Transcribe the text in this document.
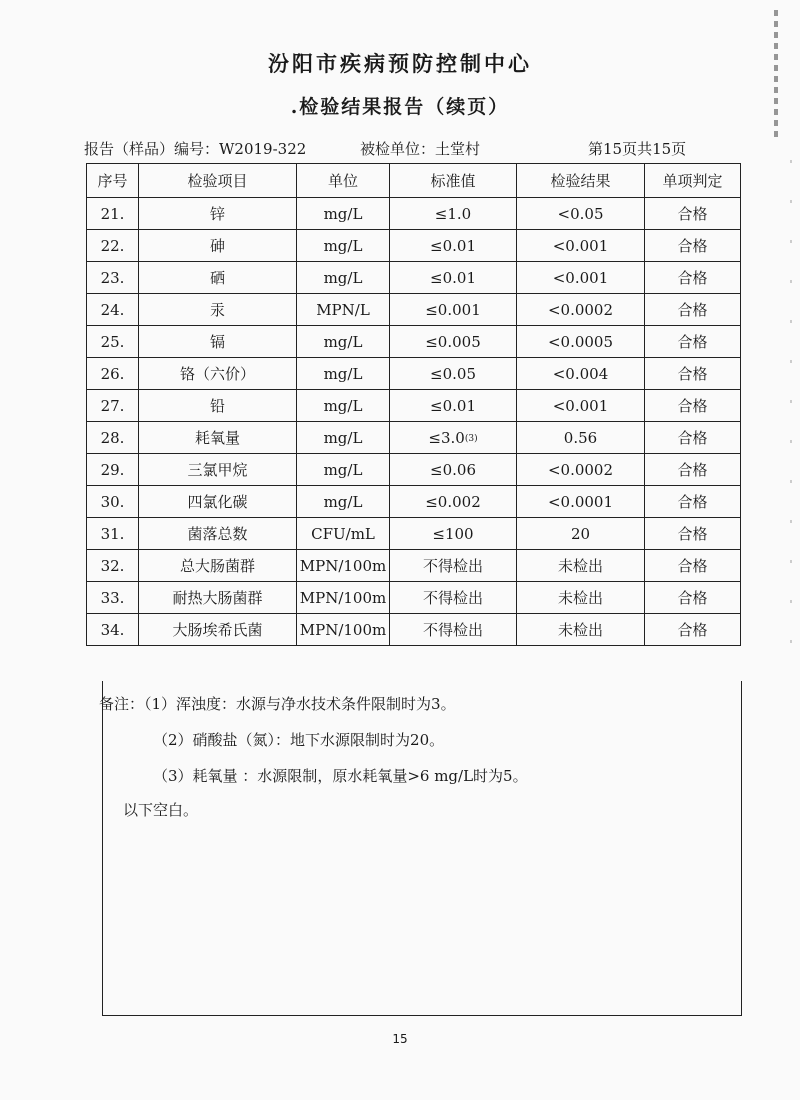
汾阳市疾病预防控制中心
.检验结果报告（续页）
报告（样品）编号：W2019-322	被检单位：土堂村	第15页共15页
序号	检验项目	单位	标准值	检验结果	单项判定
21.	锌	mg/L	≤1.0	<0.05	合格
22.	砷	mg/L	≤0.01	<0.001	合格
23.	硒	mg/L	≤0.01	<0.001	合格
24.	汞	MPN/L	≤0.001	<0.0002	合格
25.	镉	mg/L	≤0.005	<0.0005	合格
26.	铬（六价）	mg/L	≤0.05	<0.004	合格
27.	铅	mg/L	≤0.01	<0.001	合格
28.	耗氧量	mg/L	≤3.0(3)	0.56	合格
29.	三氯甲烷	mg/L	≤0.06	<0.0002	合格
30.	四氯化碳	mg/L	≤0.002	<0.0001	合格
31.	菌落总数	CFU/mL	≤100	20	合格
32.	总大肠菌群	MPN/100m	不得检出	未检出	合格
33.	耐热大肠菌群	MPN/100m	不得检出	未检出	合格
34.	大肠埃希氏菌	MPN/100m	不得检出	未检出	合格
备注：（1）浑浊度：水源与净水技术条件限制时为3。
（2）硝酸盐（氮）：地下水源限制时为20。
（3）耗氧量 ：水源限制，原水耗氧量>6 mg/L时为5。
以下空白。
15
